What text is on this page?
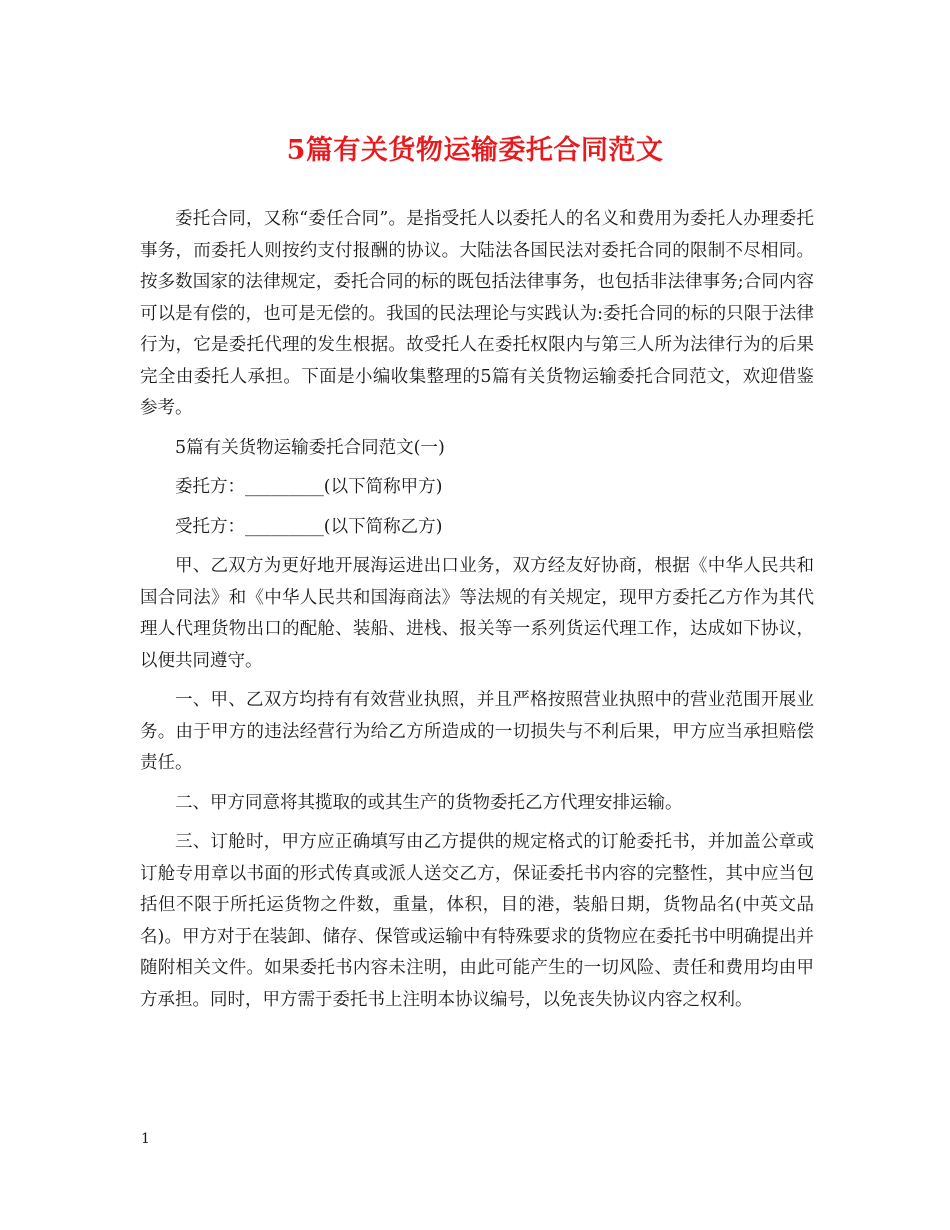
5篇有关货物运输委托合同范文

委托合同，又称“委任合同”。是指受托人以委托人的名义和费用为委托人办理委托事务，而委托人则按约支付报酬的协议。大陆法各国民法对委托合同的限制不尽相同。按多数国家的法律规定，委托合同的标的既包括法律事务，也包括非法律事务;合同内容可以是有偿的，也可是无偿的。我国的民法理论与实践认为:委托合同的标的只限于法律行为，它是委托代理的发生根据。故受托人在委托权限内与第三人所为法律行为的后果完全由委托人承担。下面是小编收集整理的5篇有关货物运输委托合同范文，欢迎借鉴参考。

5篇有关货物运输委托合同范文(一)

委托方：_________(以下简称甲方)

受托方：_________(以下简称乙方)

甲、乙双方为更好地开展海运进出口业务，双方经友好协商，根据《中华人民共和国合同法》和《中华人民共和国海商法》等法规的有关规定，现甲方委托乙方作为其代理人代理货物出口的配舱、装船、进栈、报关等一系列货运代理工作，达成如下协议，以便共同遵守。

一、甲、乙双方均持有有效营业执照，并且严格按照营业执照中的营业范围开展业务。由于甲方的违法经营行为给乙方所造成的一切损失与不利后果，甲方应当承担赔偿责任。

二、甲方同意将其揽取的或其生产的货物委托乙方代理安排运输。

三、订舱时，甲方应正确填写由乙方提供的规定格式的订舱委托书，并加盖公章或订舱专用章以书面的形式传真或派人送交乙方，保证委托书内容的完整性，其中应当包括但不限于所托运货物之件数，重量，体积，目的港，装船日期，货物品名(中英文品名)。甲方对于在装卸、储存、保管或运输中有特殊要求的货物应在委托书中明确提出并随附相关文件。如果委托书内容未注明，由此可能产生的一切风险、责任和费用均由甲方承担。同时，甲方需于委托书上注明本协议编号，以免丧失协议内容之权利。

1
